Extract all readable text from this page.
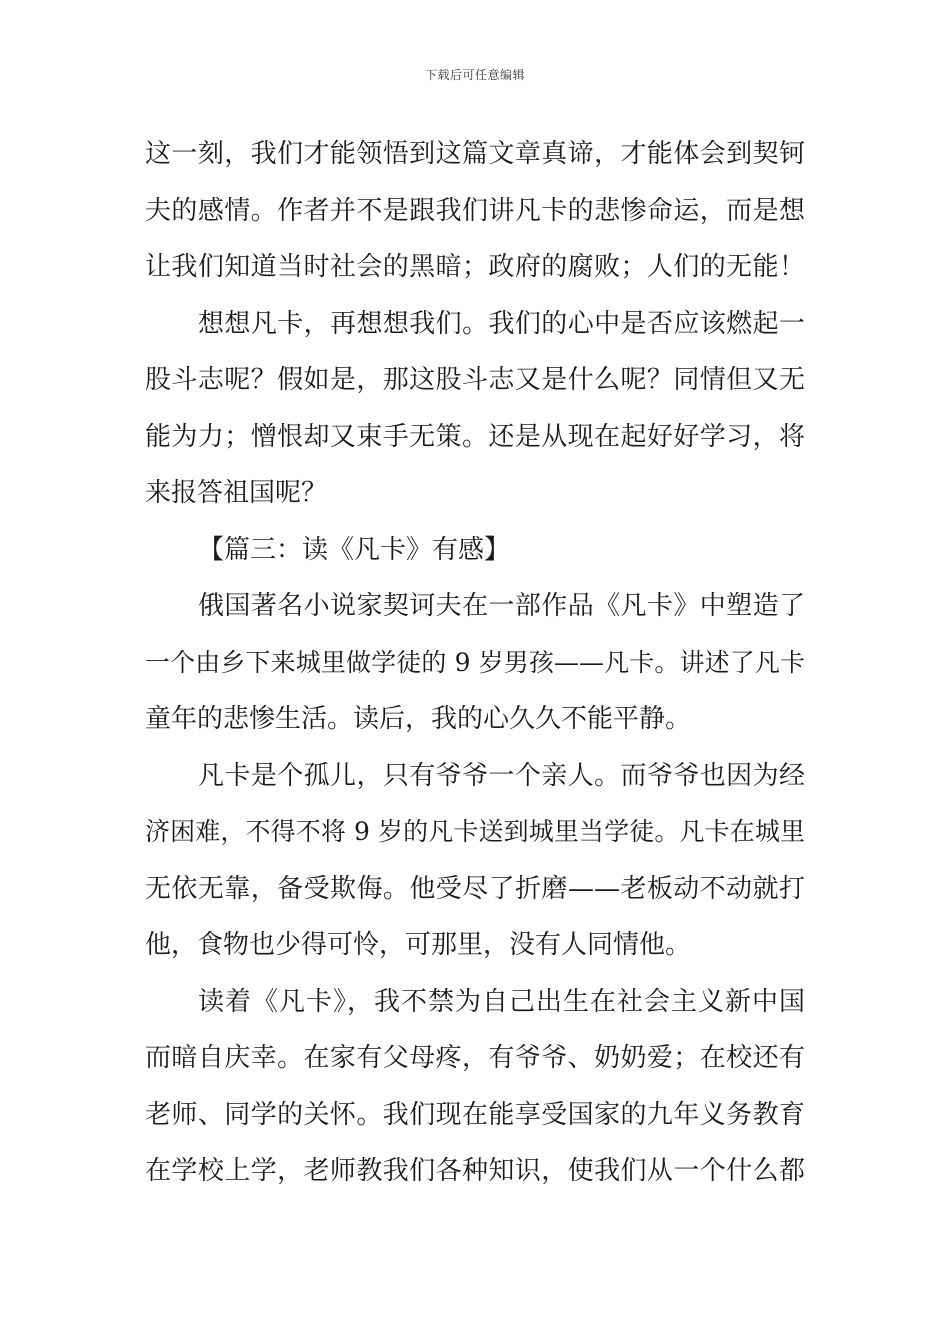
下载后可任意编辑
这一刻，我们才能领悟到这篇文章真谛，才能体会到契钶
夫的感情。作者并不是跟我们讲凡卡的悲惨命运，而是想
让我们知道当时社会的黑暗；政府的腐败；人们的无能！
想想凡卡，再想想我们。我们的心中是否应该燃起一
股斗志呢？假如是，那这股斗志又是什么呢？同情但又无
能为力；憎恨却又束手无策。还是从现在起好好学习，将
来报答祖国呢？
【篇三：读《凡卡》有感】
俄国著名小说家契诃夫在一部作品《凡卡》中塑造了
一个由乡下来城里做学徒的 9 岁男孩——凡卡。讲述了凡卡
童年的悲惨生活。读后，我的心久久不能平静。
凡卡是个孤儿，只有爷爷一个亲人。而爷爷也因为经
济困难，不得不将 9 岁的凡卡送到城里当学徒。凡卡在城里
无依无靠，备受欺侮。他受尽了折磨——老板动不动就打
他，食物也少得可怜，可那里，没有人同情他。
读着《凡卡》，我不禁为自己出生在社会主义新中国
而暗自庆幸。在家有父母疼，有爷爷、奶奶爱；在校还有
老师、同学的关怀。我们现在能享受国家的九年义务教育
在学校上学，老师教我们各种知识，使我们从一个什么都
